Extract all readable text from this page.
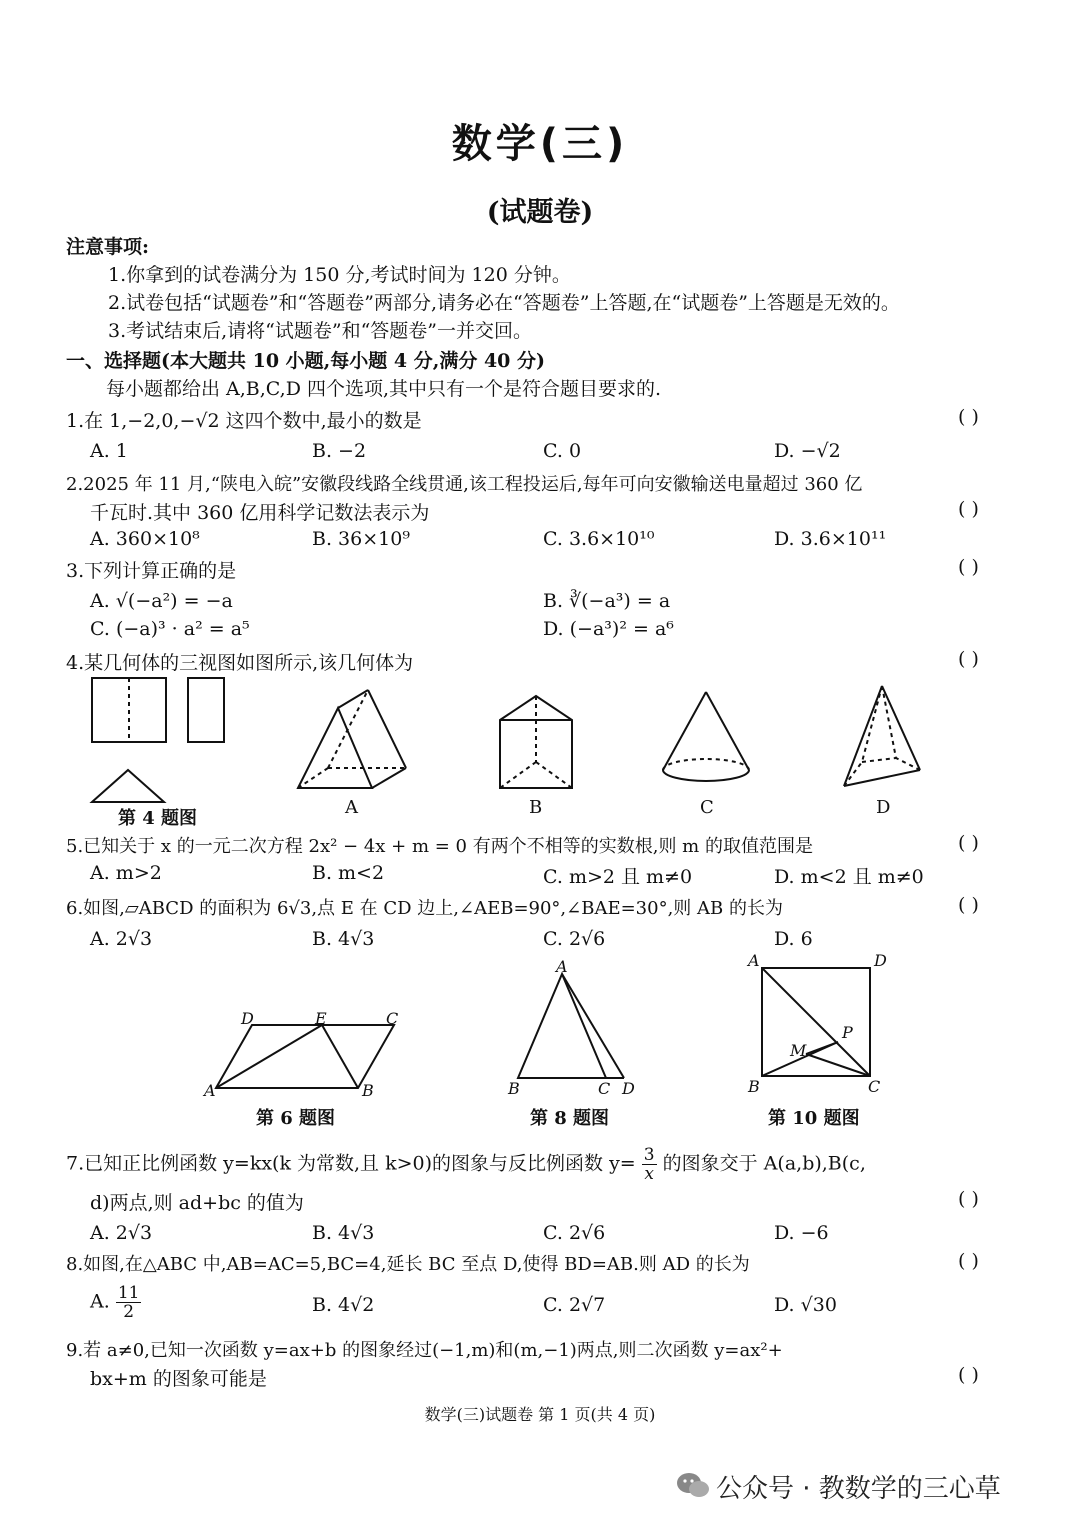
数学(三)
(试题卷)
注意事项:
1.你拿到的试卷满分为 150 分,考试时间为 120 分钟。
2.试卷包括“试题卷”和“答题卷”两部分,请务必在“答题卷”上答题,在“试题卷”上答题是无效的。
3.考试结束后,请将“试题卷”和“答题卷”一并交回。
一、选择题(本大题共 10 小题,每小题 4 分,满分 40 分)
每小题都给出 A,B,C,D 四个选项,其中只有一个是符合题目要求的.
1.在 1,−2,0,−√2 这四个数中,最小的数是	( )
A. 1	B. −2	C. 0	D. −√2
2.2025 年 11 月,“陕电入皖”安徽段线路全线贯通,该工程投运后,每年可向安徽输送电量超过 360 亿
千瓦时.其中 360 亿用科学记数法表示为	( )
A. 360×10⁸	B. 36×10⁹	C. 3.6×10¹⁰	D. 3.6×10¹¹
3.下列计算正确的是	( )
A. √(−a²) = −a	B. ∛(−a³) = a
C. (−a)³ · a² = a⁵	D. (−a³)² = a⁶
4.某几何体的三视图如图所示,该几何体为	( )
第 4 题图
A	B	C	D
5.已知关于 x 的一元二次方程 2x² − 4x + m = 0 有两个不相等的实数根,则 m 的取值范围是	( )
A. m>2	B. m<2	C. m>2 且 m≠0	D. m<2 且 m≠0
6.如图,▱ABCD 的面积为 6√3,点 E 在 CD 边上,∠AEB=90°,∠BAE=30°,则 AB 的长为	( )
A. 2√3	B. 4√3	C. 2√6	D. 6
D	E	C
A	B
A
B	C D
A	D
P
M
B	C
第 6 题图	第 8 题图	第 10 题图
7.已知正比例函数 y=kx(k 为常数,且 k>0)的图象与反比例函数 $y= \frac{3}{x}$ 的图象交于 A(a,b),B(c,
d)两点,则 ad+bc 的值为	( )
A. 2√3	B. 4√3	C. 2√6	D. −6
8.如图,在△ABC 中,AB=AC=5,BC=4,延长 BC 至点 D,使得 BD=AB.则 AD 的长为	( )
A. $\frac{11}{2}$	B. 4√2	C. 2√7	D. √30
9.若 a≠0,已知一次函数 y=ax+b 的图象经过(−1,m)和(m,−1)两点,则二次函数 y=ax²+
bx+m 的图象可能是	( )
数学(三)试题卷 第 1 页(共 4 页)
公众号 · 教数学的三心草
